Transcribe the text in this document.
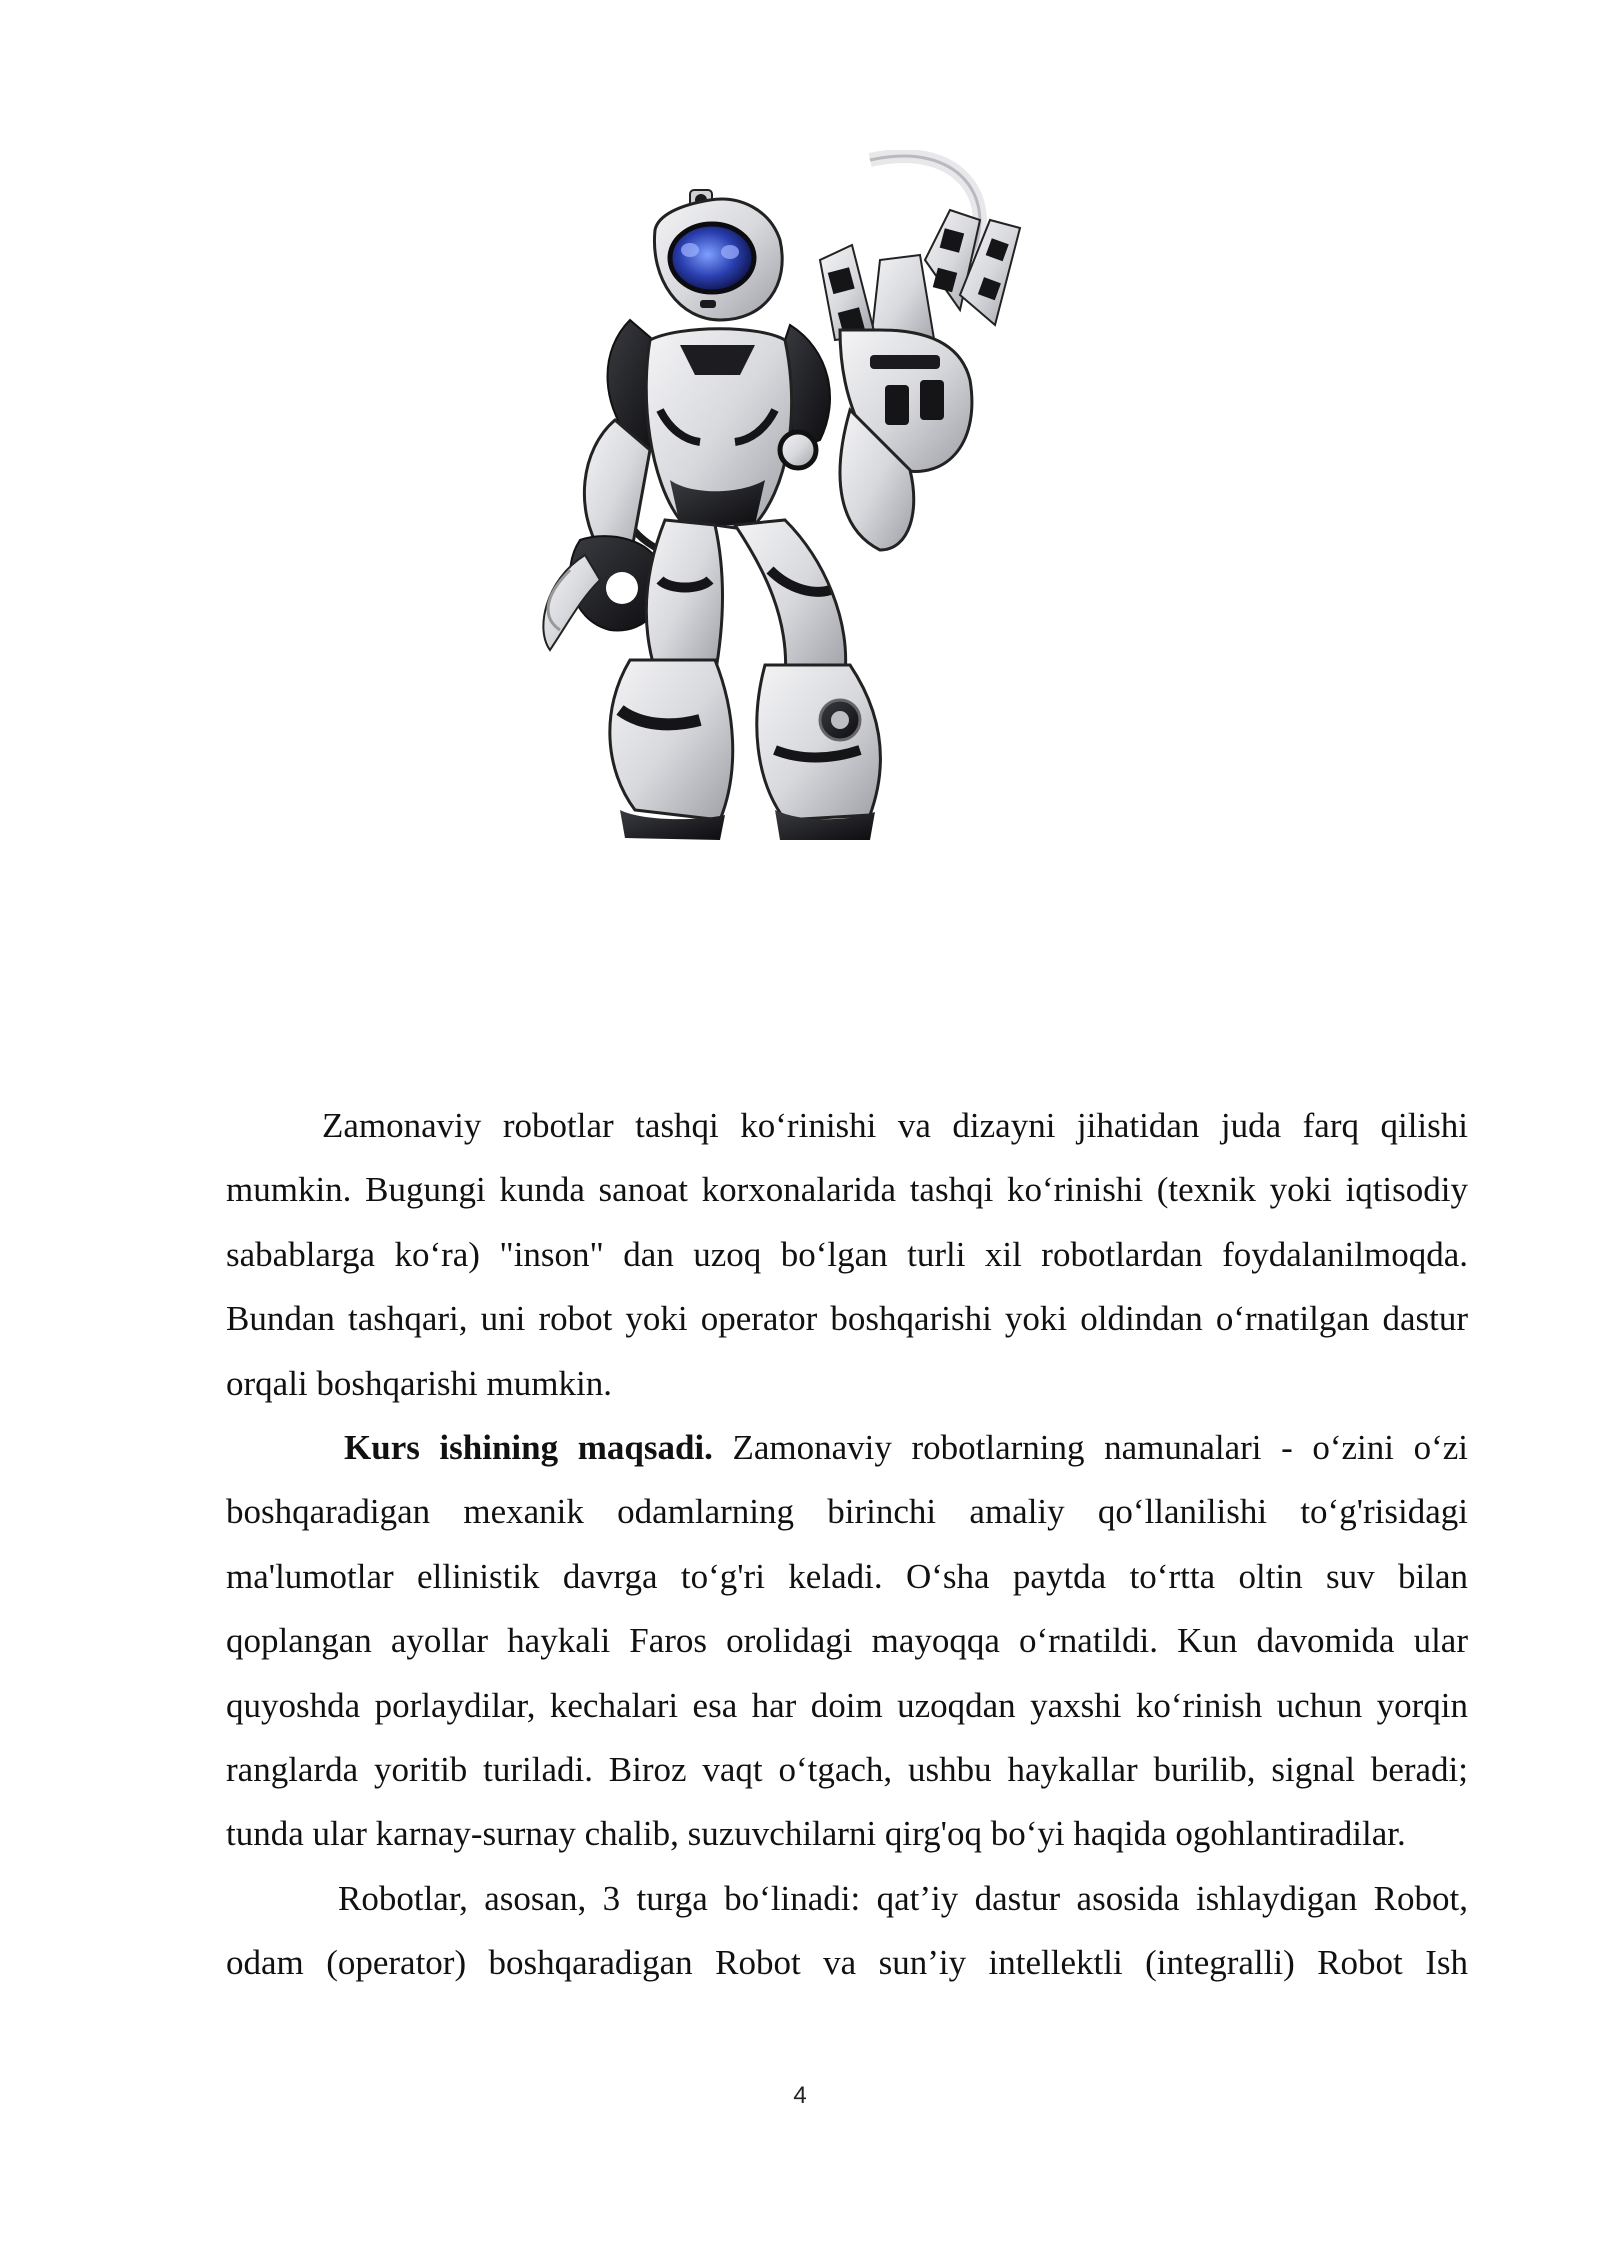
Zamonaviy robotlar tashqi ko‘rinishi va dizayni jihatidan juda farq qilishi mumkin. Bugungi kunda sanoat korxonalarida tashqi ko‘rinishi (texnik yoki iqtisodiy sabablarga ko‘ra) "inson" dan uzoq bo‘lgan turli xil robotlardan foydalanilmoqda. Bundan tashqari, uni robot yoki operator boshqarishi yoki oldindan o‘rnatilgan dastur orqali boshqarishi mumkin.

Kurs ishining maqsadi. Zamonaviy robotlarning namunalari - o‘zini o‘zi boshqaradigan mexanik odamlarning birinchi amaliy qo‘llanilishi to‘g'risidagi ma'lumotlar ellinistik davrga to‘g'ri keladi. O‘sha paytda to‘rtta oltin suv bilan qoplangan ayollar haykali Faros orolidagi mayoqqa o‘rnatildi. Kun davomida ular quyoshda porlaydilar, kechalari esa har doim uzoqdan yaxshi ko‘rinish uchun yorqin ranglarda yoritib turiladi. Biroz vaqt o‘tgach, ushbu haykallar burilib, signal beradi; tunda ular karnay-surnay chalib, suzuvchilarni qirg'oq bo‘yi haqida ogohlantiradilar.

Robotlar, asosan, 3 turga bo‘linadi: qat’iy dastur asosida ishlaydigan Robot, odam (operator) boshqaradigan Robot va sun’iy intellektli (integralli) Robot Ish

4
